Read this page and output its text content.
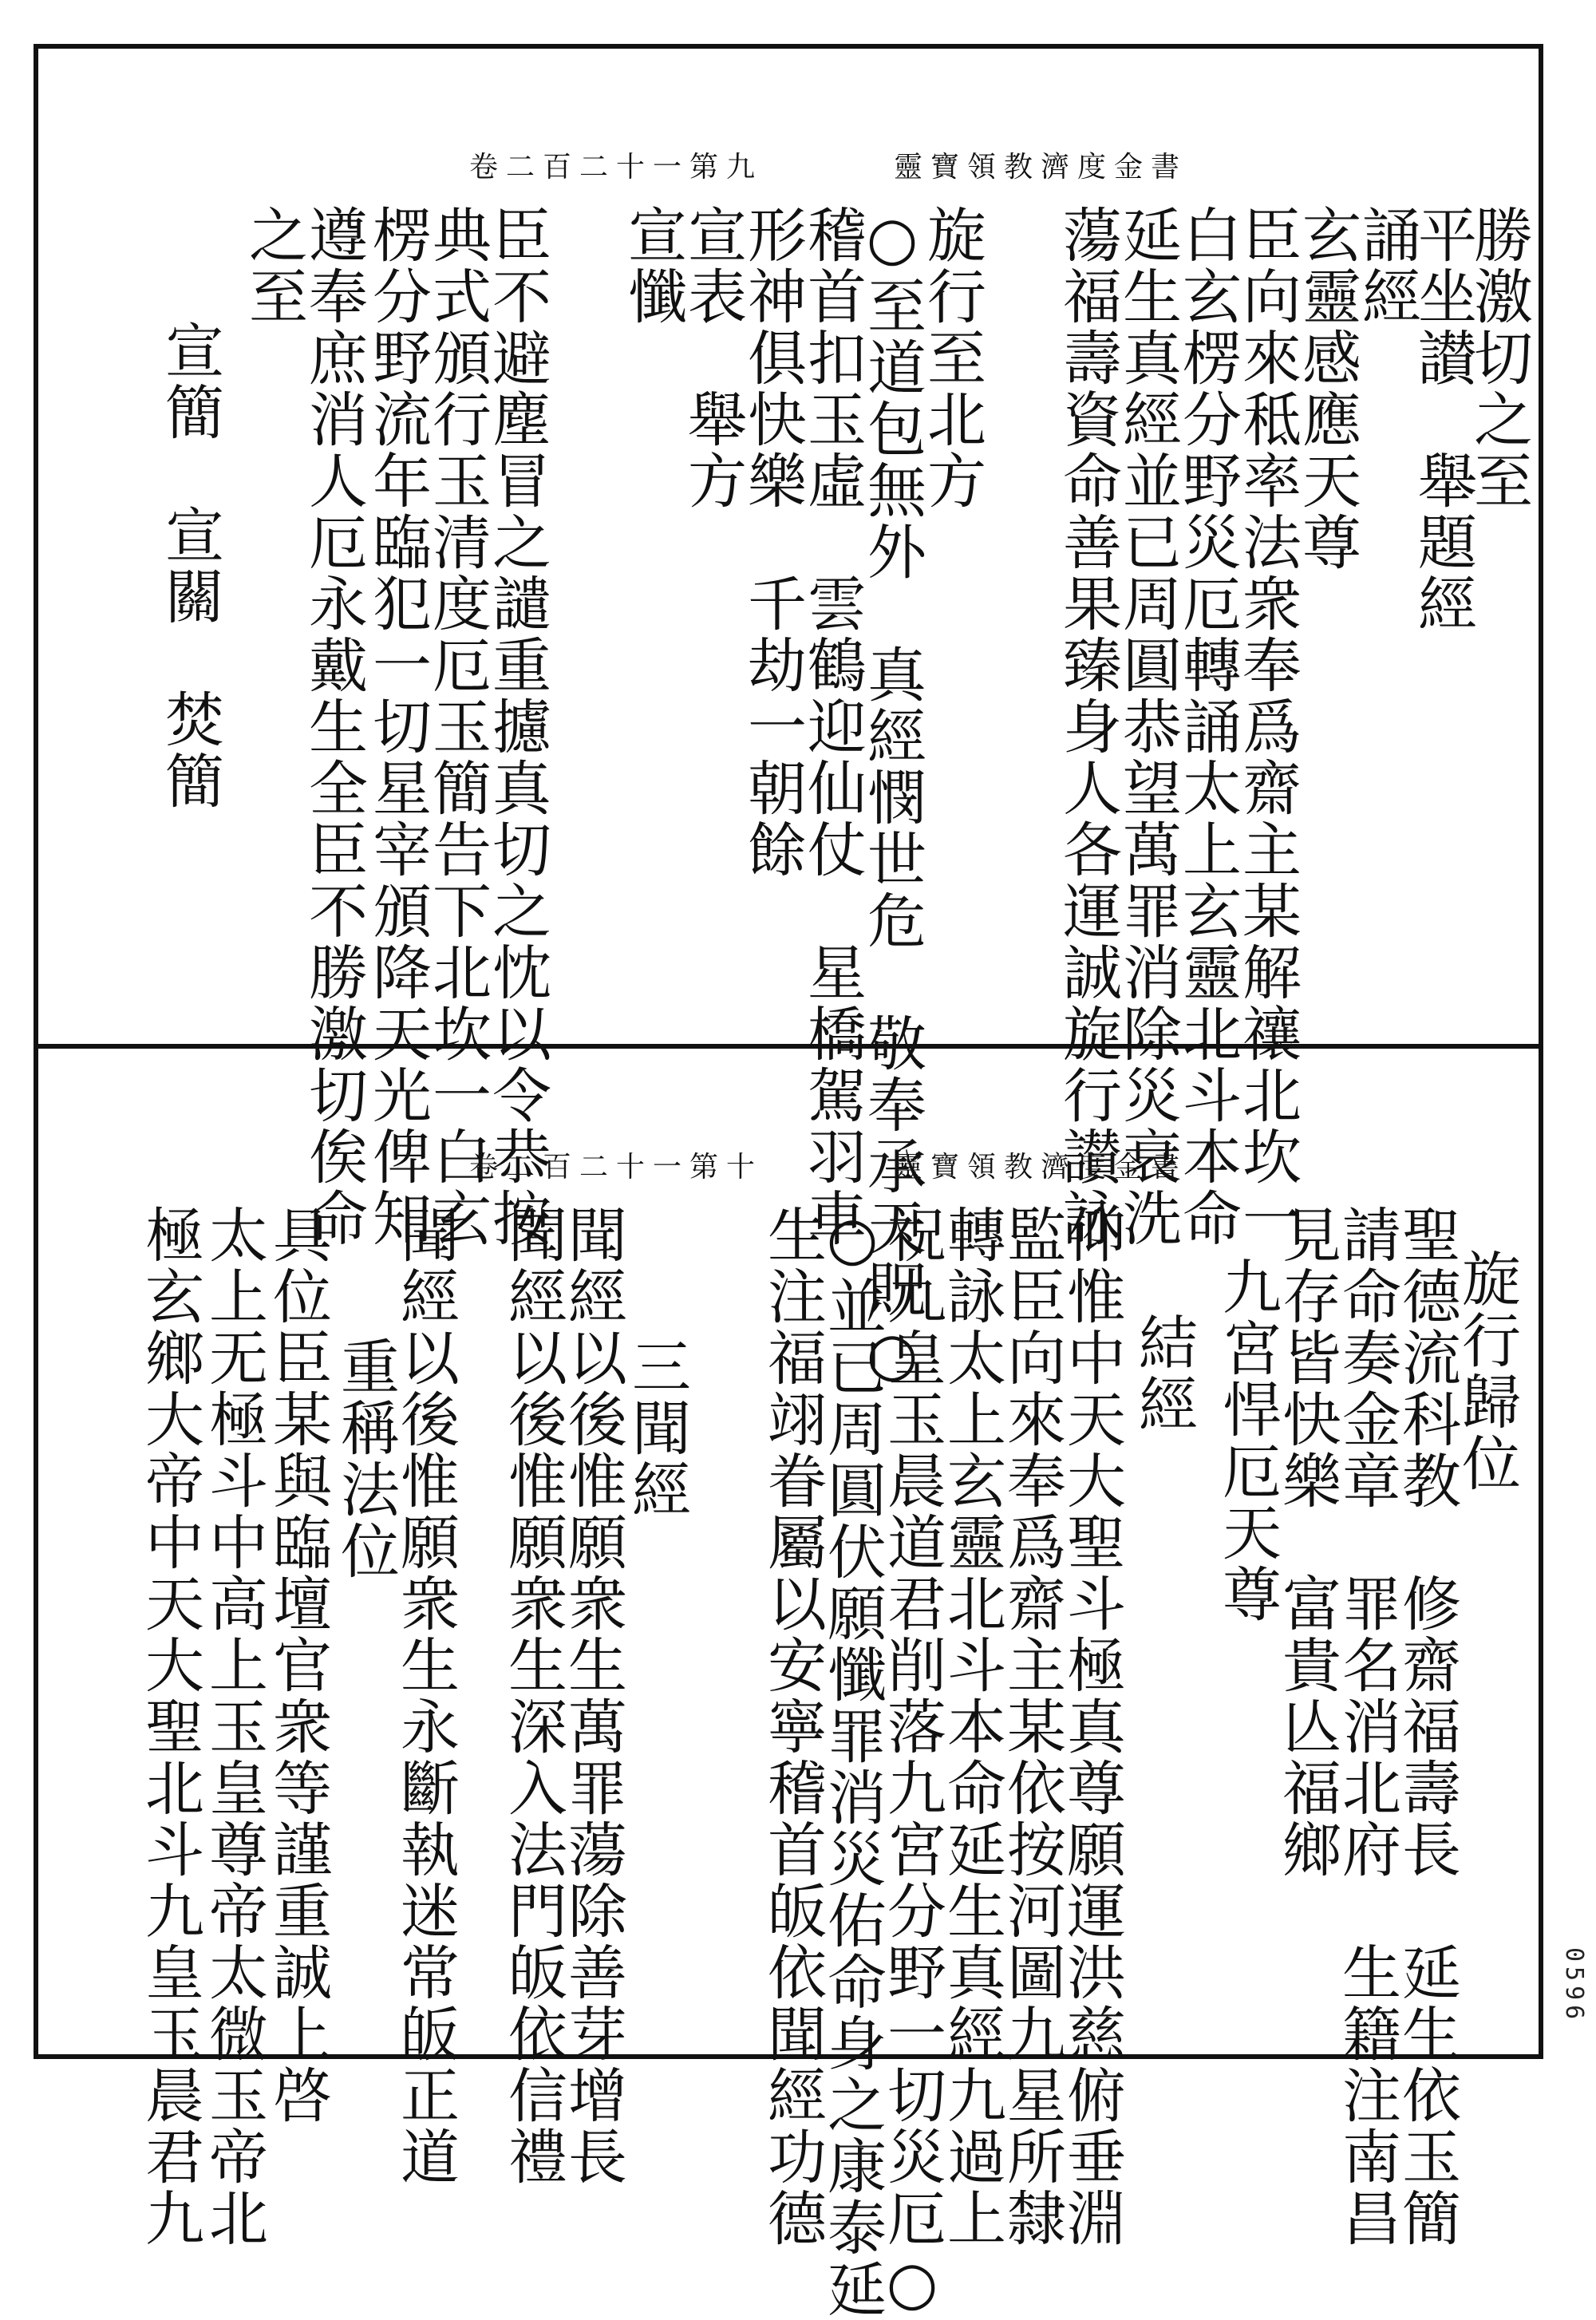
0596
卷二百二十一第九	靈寶領教濟度金書
勝激切之至
平坐讃　舉題經
誦經
玄靈感應天尊
臣向來秪率法衆奉爲齋主某解禳北坎一
白玄楞分野災厄轉誦太上玄靈北斗本命
延生真經並已周圓恭望萬罪消除災衰洗
蕩福壽資命善果臻身人各運誠旋行讃詠
旋行至北方
○至道包無外　真經憫世危　敬奉承天貺○
稽首扣玉虛　雲鶴迎仙仗　星橋駕羽車
形神俱快樂　千劫一朝餘
宣表　舉方
宣懺
臣不避塵冒之譴重攄真切之忱以令恭按
典式頒行玉清度厄玉簡告下北坎一白玄
楞分野流年臨犯一切星宰頒降天光俾知
遵奉庶消人厄永戴生全臣不勝激切俟命
之至
宣簡　宣關　焚簡
卷二百二十一第十	靈寶領教濟度金書
旋行歸位
聖德流科教　修齋福壽長　延生依玉簡
請命奏金章　罪名消北府　生籍注南昌
見存皆快樂　富貴亾福鄉
九宮悍厄天尊
結經
仰惟中天大聖斗極真尊願運洪慈俯垂淵
監臣向來奉爲齋主某依按河圖九星所隸
轉詠太上玄靈北斗本命延生真經九過上
祝九皇玉晨道君削落九宮分野一切災厄○
○並已周圓伏願懺罪消災佑命身之康泰延
生注福翊眷屬以安寧稽首皈依聞經功德
三聞經
聞經以後惟願衆生萬罪蕩除善芽增長
聞經以後惟願衆生深入法門皈依信禮
聞經以後惟願衆生永斷執迷常皈正道
重稱法位
具位臣某與臨壇官衆等謹重誠上啓
太上无極斗中高上玉皇尊帝太微玉帝北
極玄鄉大帝中天大聖北斗九皇玉晨君九
